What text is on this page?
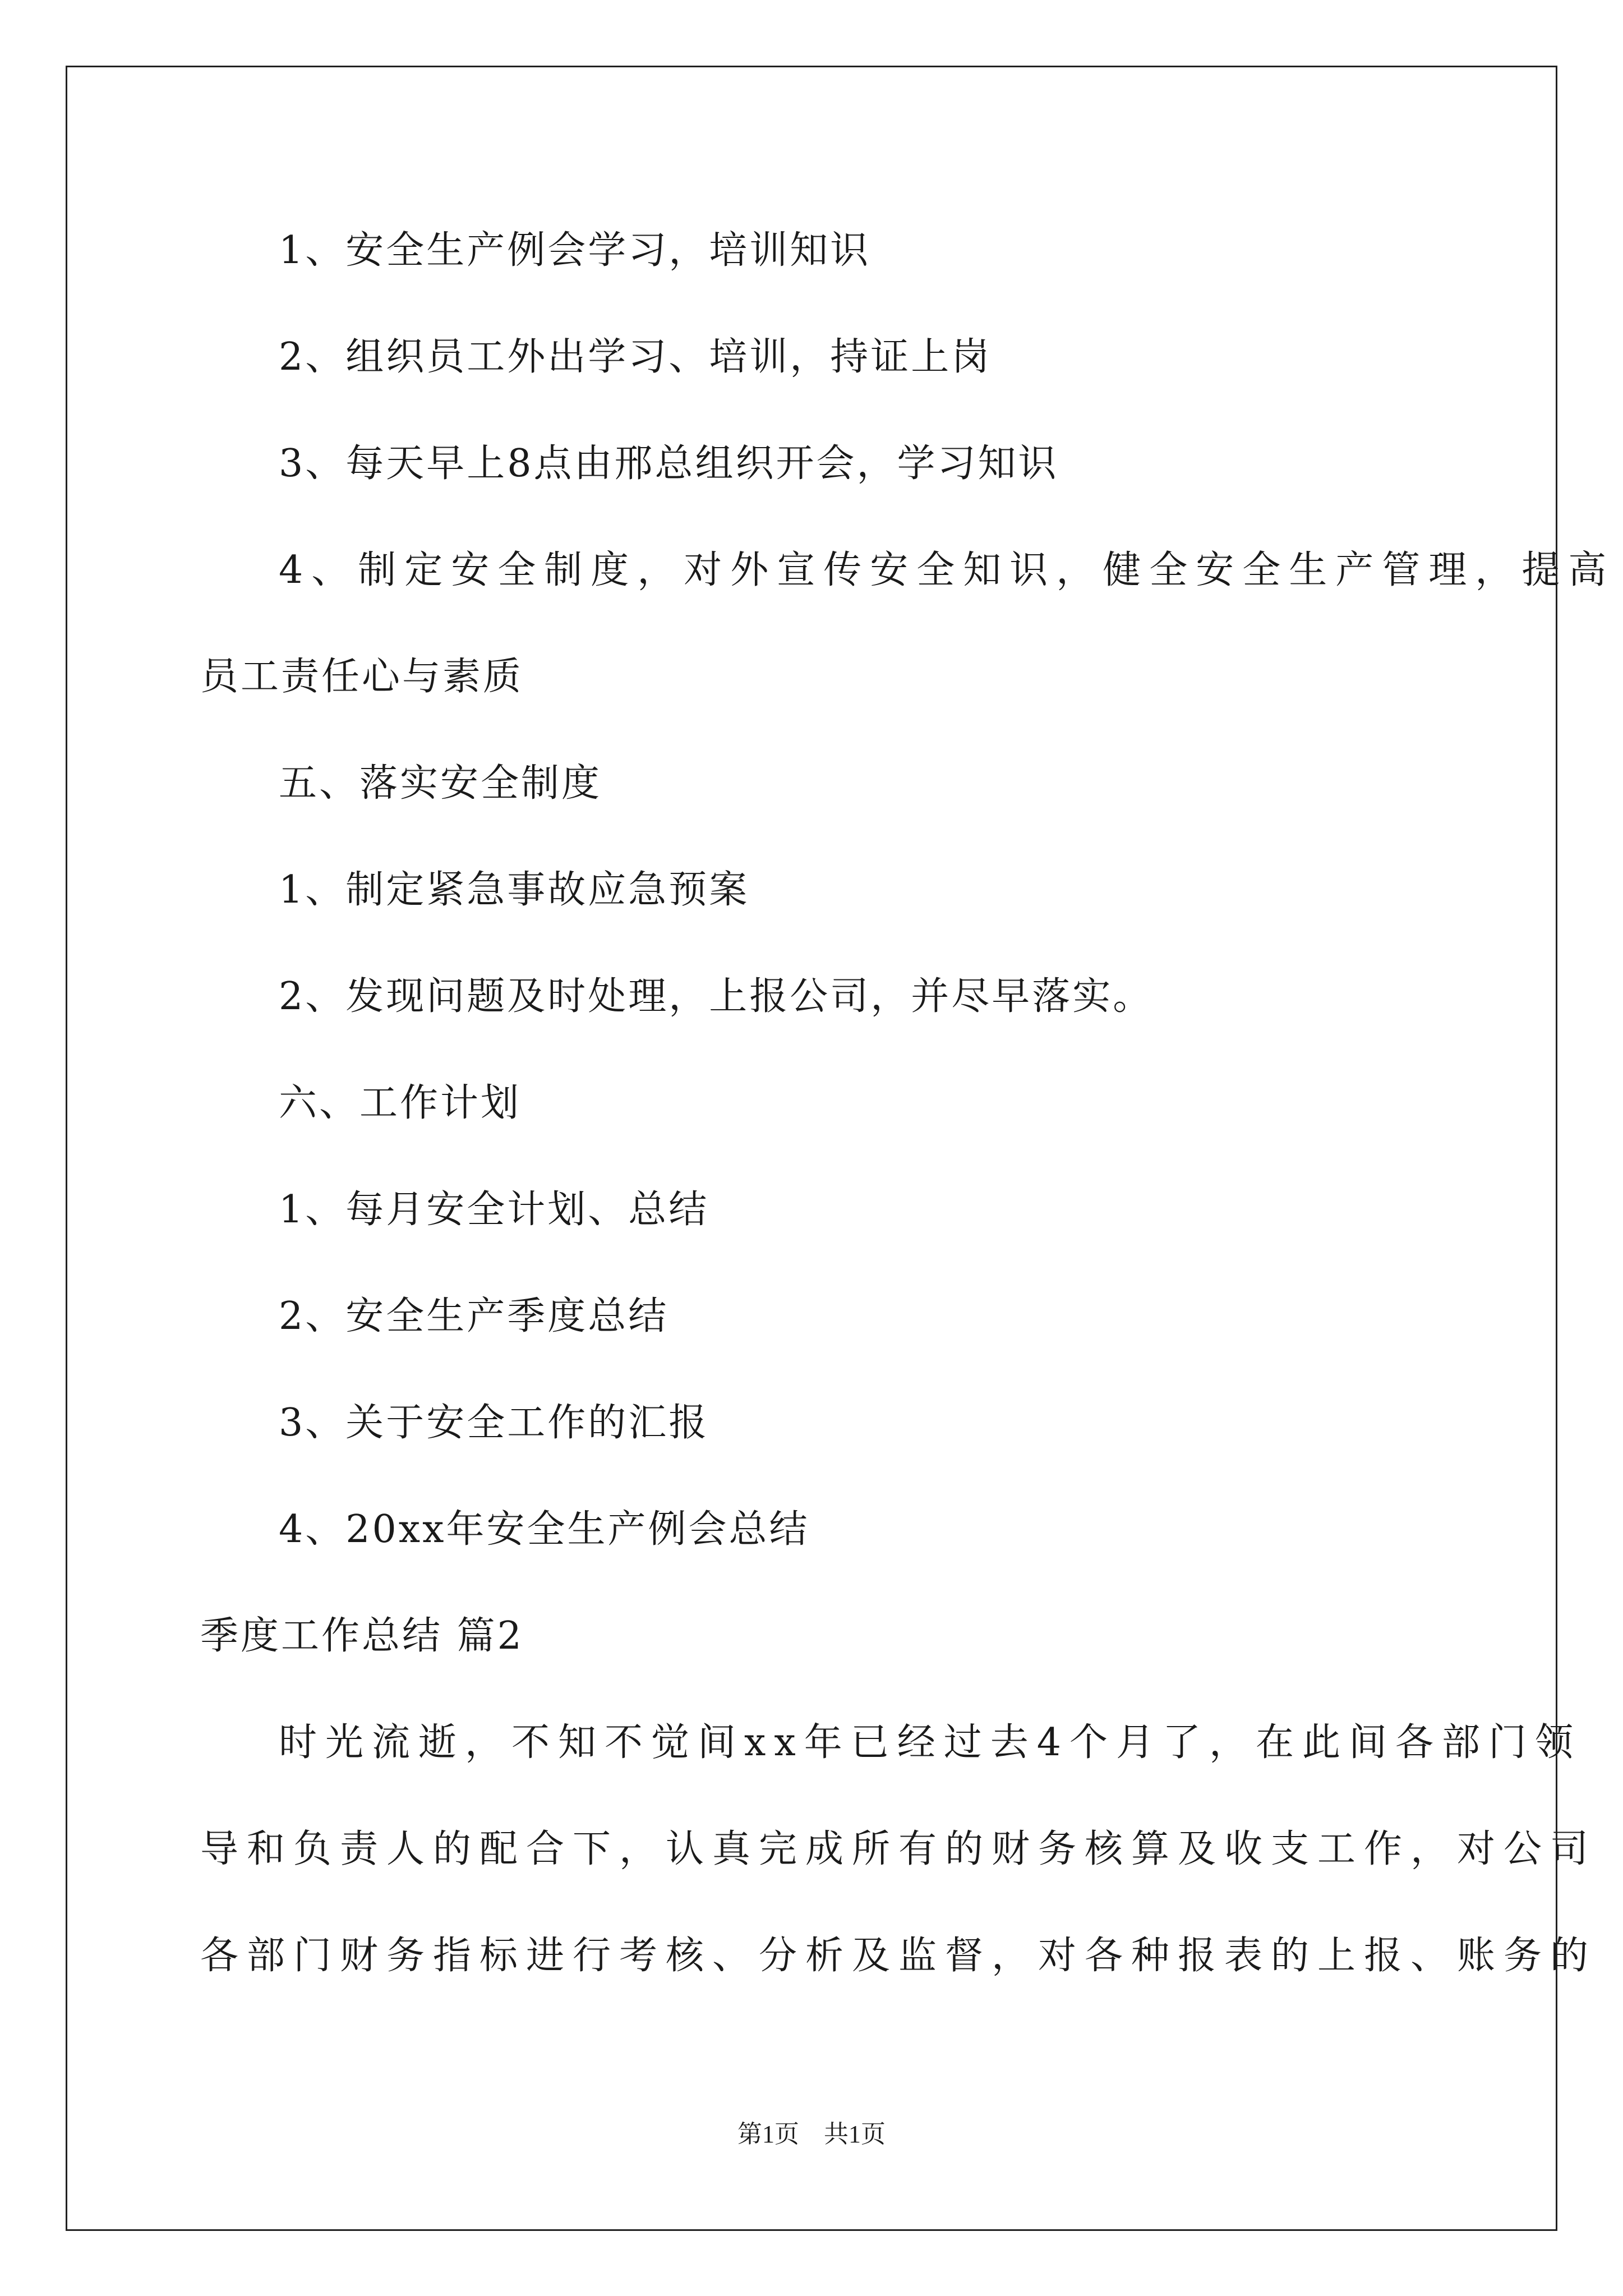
1、安全生产例会学习，培训知识
2、组织员工外出学习、培训，持证上岗
3、每天早上8点由邢总组织开会，学习知识
4、制定安全制度，对外宣传安全知识，健全安全生产管理，提高
员工责任心与素质
五、落实安全制度
1、制定紧急事故应急预案
2、发现问题及时处理，上报公司，并尽早落实。
六、工作计划
1、每月安全计划、总结
2、安全生产季度总结
3、关于安全工作的汇报
4、20xx年安全生产例会总结
季度工作总结 篇2
时光流逝，不知不觉间xx年已经过去4个月了，在此间各部门领
导和负责人的配合下，认真完成所有的财务核算及收支工作，对公司
各部门财务指标进行考核、分析及监督，对各种报表的上报、账务的
第1页　共1页
